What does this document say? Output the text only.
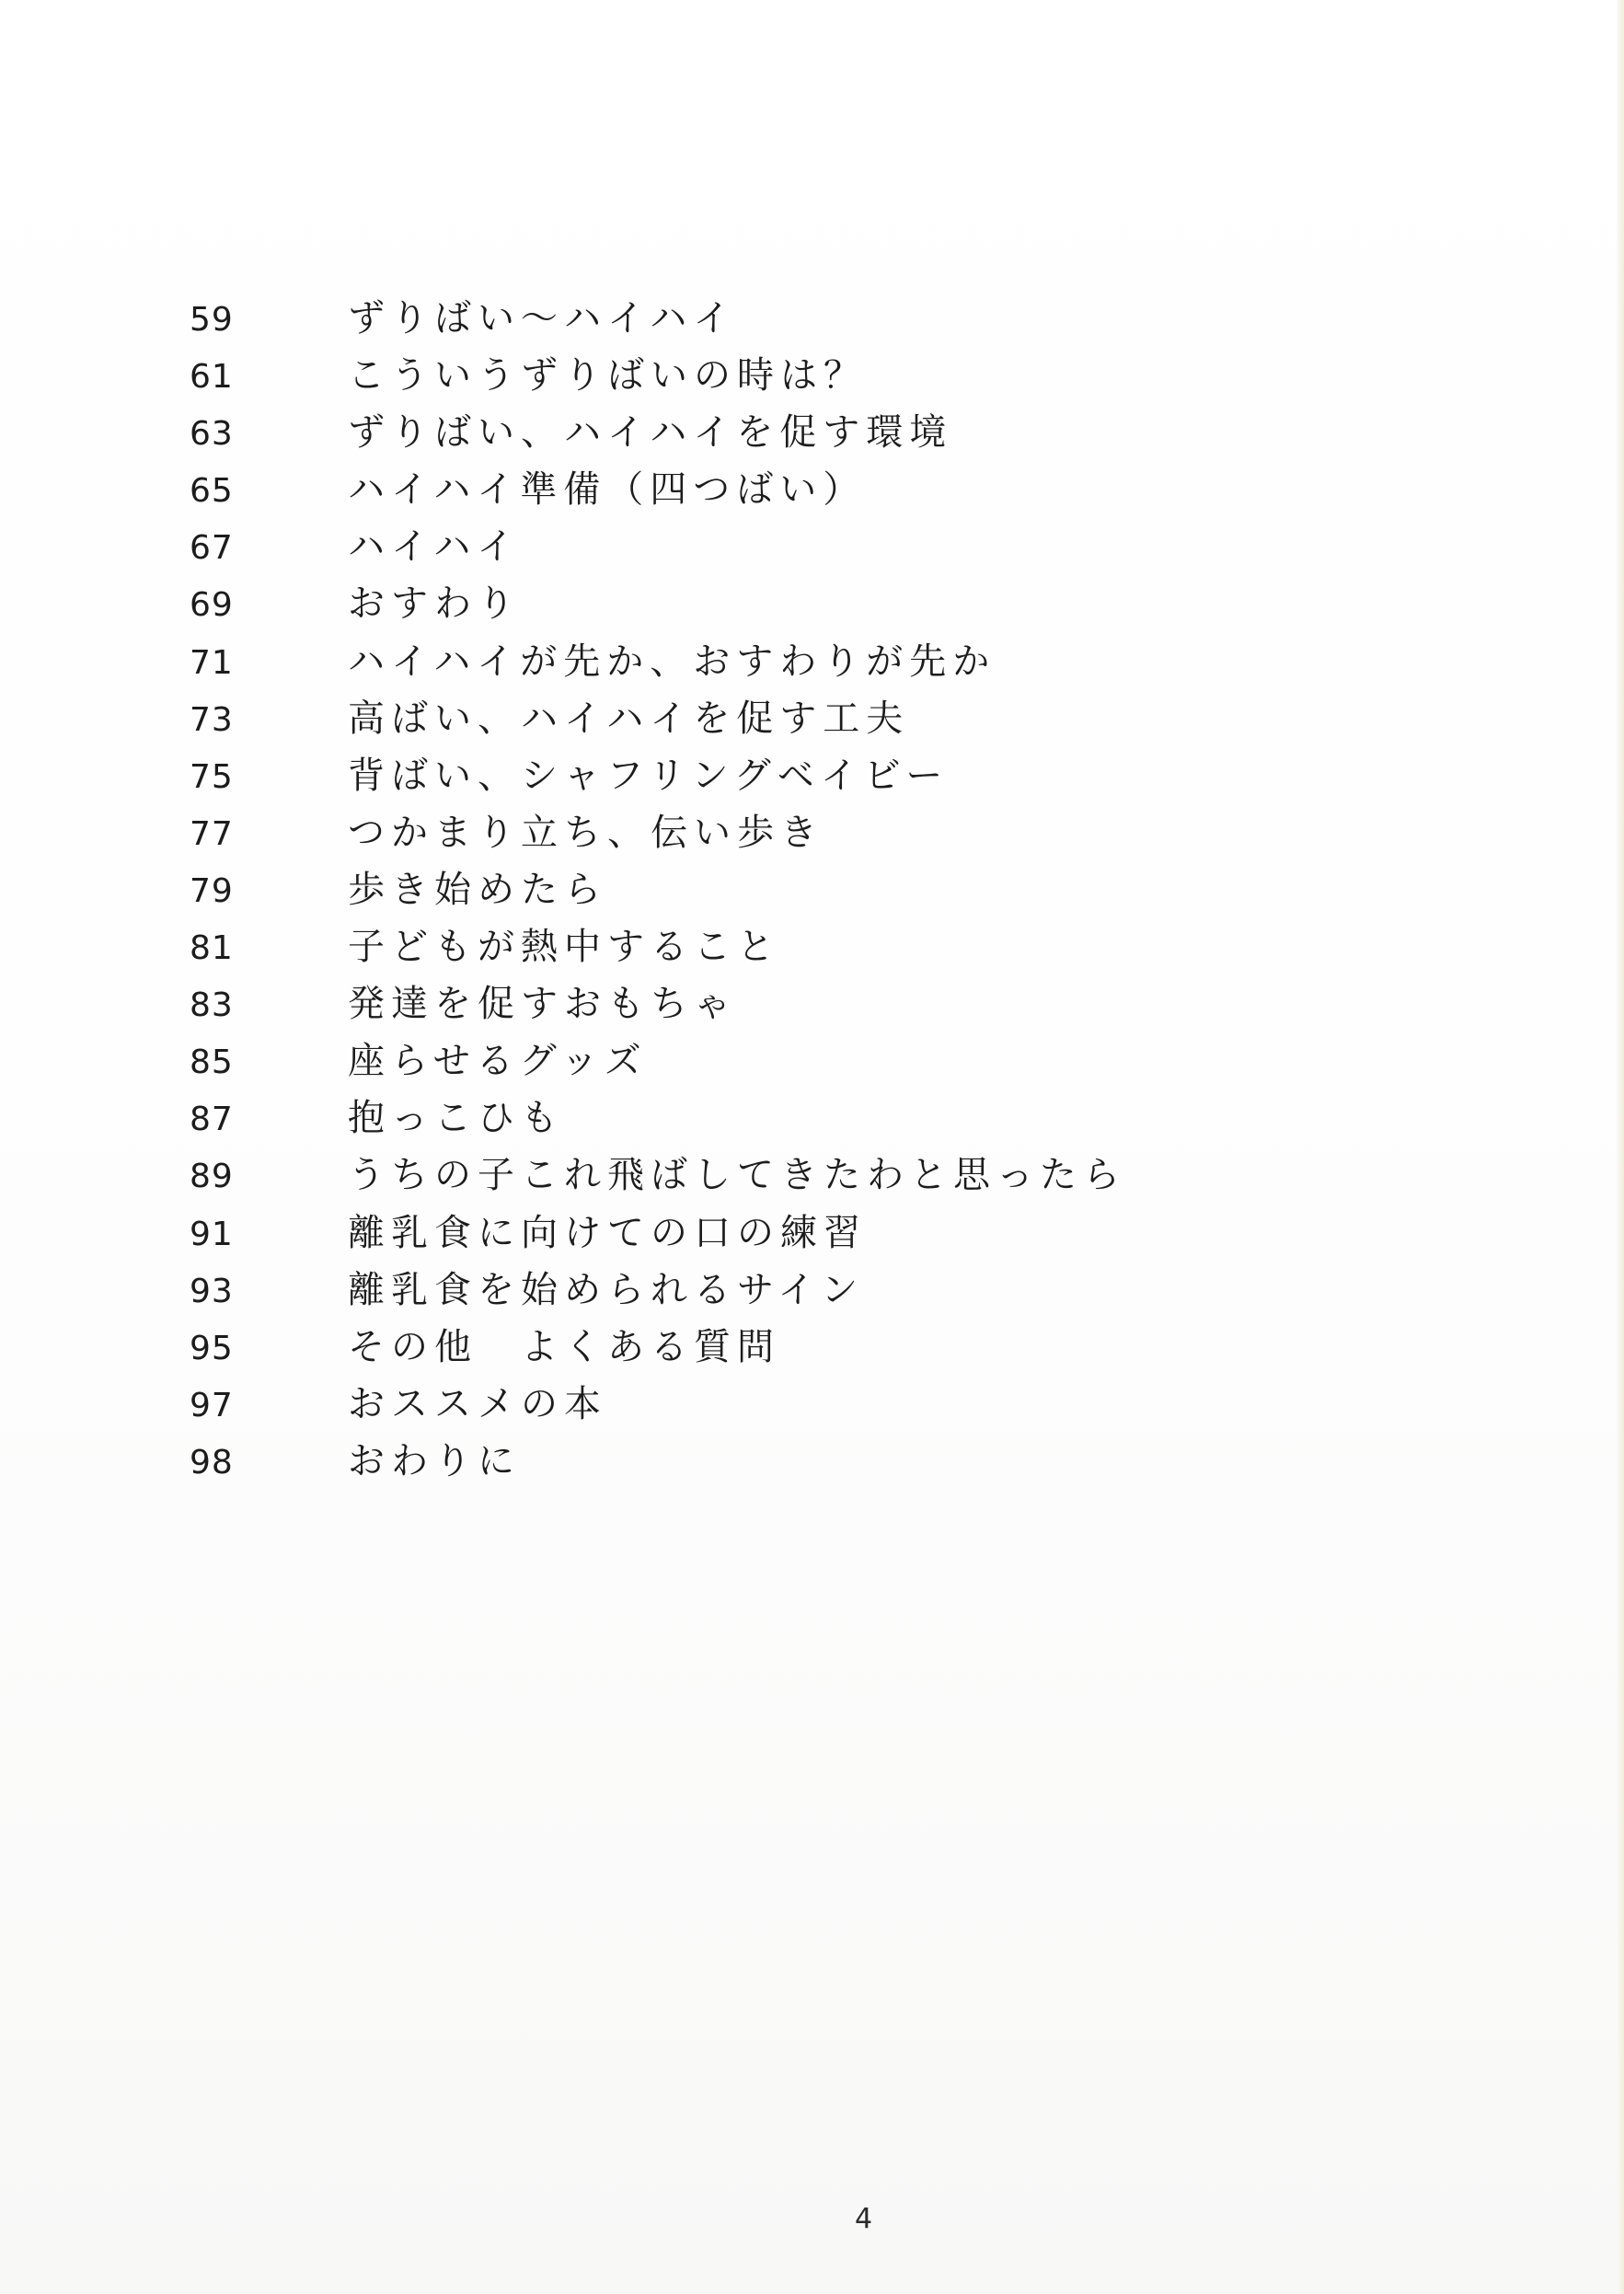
59	ずりばい～ハイハイ
61	こういうずりばいの時は？
63	ずりばい、ハイハイを促す環境
65	ハイハイ準備（四つばい）
67	ハイハイ
69	おすわり
71	ハイハイが先か、おすわりが先か
73	高ばい、ハイハイを促す工夫
75	背ばい、シャフリングベイビー
77	つかまり立ち、伝い歩き
79	歩き始めたら
81	子どもが熱中すること
83	発達を促すおもちゃ
85	座らせるグッズ
87	抱っこひも
89	うちの子これ飛ばしてきたわと思ったら
91	離乳食に向けての口の練習
93	離乳食を始められるサイン
95	その他　よくある質問
97	おススメの本
98	おわりに
4
